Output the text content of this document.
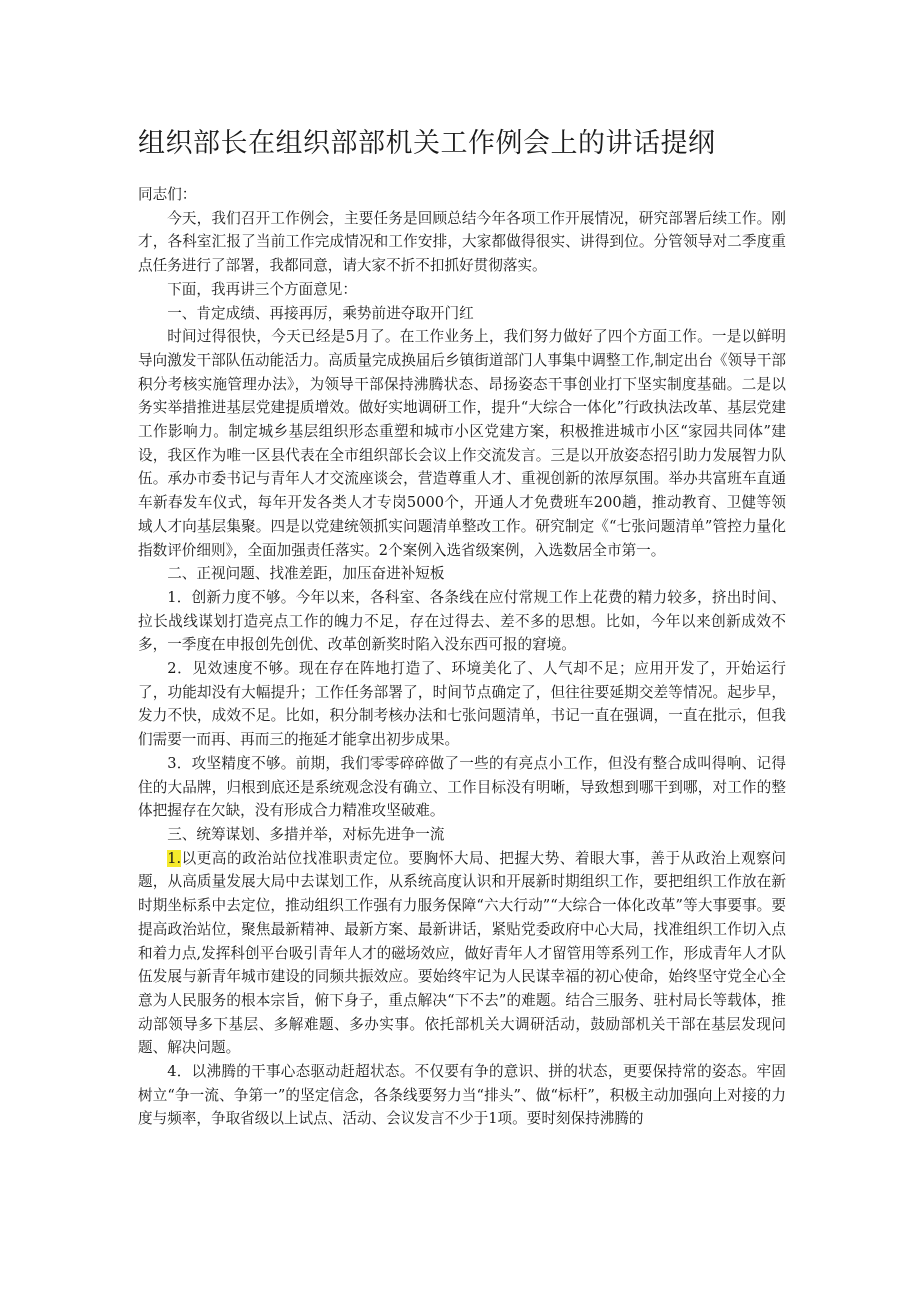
组织部长在组织部部机关工作例会上的讲话提纲

同志们：

今天，我们召开工作例会，主要任务是回顾总结今年各项工作开展情况，研究部署后续工作。刚才，各科室汇报了当前工作完成情况和工作安排，大家都做得很实、讲得到位。分管领导对二季度重点任务进行了部署，我都同意，请大家不折不扣抓好贯彻落实。

下面，我再讲三个方面意见：

一、肯定成绩、再接再厉，乘势前进夺取开门红

时间过得很快，今天已经是5月了。在工作业务上，我们努力做好了四个方面工作。一是以鲜明导向激发干部队伍动能活力。高质量完成换届后乡镇街道部门人事集中调整工作,制定出台《领导干部积分考核实施管理办法》，为领导干部保持沸腾状态、昂扬姿态干事创业打下坚实制度基础。二是以务实举措推进基层党建提质增效。做好实地调研工作，提升“大综合一体化”行政执法改革、基层党建工作影响力。制定城乡基层组织形态重塑和城市小区党建方案，积极推进城市小区“家园共同体”建设，我区作为唯一区县代表在全市组织部长会议上作交流发言。三是以开放姿态招引助力发展智力队伍。承办市委书记与青年人才交流座谈会，营造尊重人才、重视创新的浓厚氛围。举办共富班车直通车新春发车仪式，每年开发各类人才专岗5000个，开通人才免费班车200趟，推动教育、卫健等领域人才向基层集聚。四是以党建统领抓实问题清单整改工作。研究制定《“七张问题清单”管控力量化指数评价细则》，全面加强责任落实。2个案例入选省级案例，入选数居全市第一。

二、正视问题、找准差距，加压奋进补短板

1．创新力度不够。今年以来，各科室、各条线在应付常规工作上花费的精力较多，挤出时间、拉长战线谋划打造亮点工作的魄力不足，存在过得去、差不多的思想。比如，今年以来创新成效不多，一季度在申报创先创优、改革创新奖时陷入没东西可报的窘境。

2．见效速度不够。现在存在阵地打造了、环境美化了、人气却不足；应用开发了，开始运行了，功能却没有大幅提升；工作任务部署了，时间节点确定了，但往往要延期交差等情况。起步早，发力不快，成效不足。比如，积分制考核办法和七张问题清单，书记一直在强调，一直在批示，但我们需要一而再、再而三的拖延才能拿出初步成果。

3．攻坚精度不够。前期，我们零零碎碎做了一些的有亮点小工作，但没有整合成叫得响、记得住的大品牌，归根到底还是系统观念没有确立、工作目标没有明晰，导致想到哪干到哪，对工作的整体把握存在欠缺，没有形成合力精准攻坚破难。

三、统筹谋划、多措并举，对标先进争一流

1.以更高的政治站位找准职责定位。要胸怀大局、把握大势、着眼大事，善于从政治上观察问题，从高质量发展大局中去谋划工作，从系统高度认识和开展新时期组织工作，要把组织工作放在新时期坐标系中去定位，推动组织工作强有力服务保障“六大行动”“大综合一体化改革”等大事要事。要提高政治站位，聚焦最新精神、最新方案、最新讲话，紧贴党委政府中心大局，找准组织工作切入点和着力点,发挥科创平台吸引青年人才的磁场效应，做好青年人才留管用等系列工作，形成青年人才队伍发展与新青年城市建设的同频共振效应。要始终牢记为人民谋幸福的初心使命，始终坚守党全心全意为人民服务的根本宗旨，俯下身子，重点解决“下不去”的难题。结合三服务、驻村局长等载体，推动部领导多下基层、多解难题、多办实事。依托部机关大调研活动，鼓励部机关干部在基层发现问题、解决问题。

4．以沸腾的干事心态驱动赶超状态。不仅要有争的意识、拼的状态，更要保持常的姿态。牢固树立“争一流、争第一”的坚定信念，各条线要努力当“排头”、做“标杆”，积极主动加强向上对接的力度与频率，争取省级以上试点、活动、会议发言不少于1项。要时刻保持沸腾的
